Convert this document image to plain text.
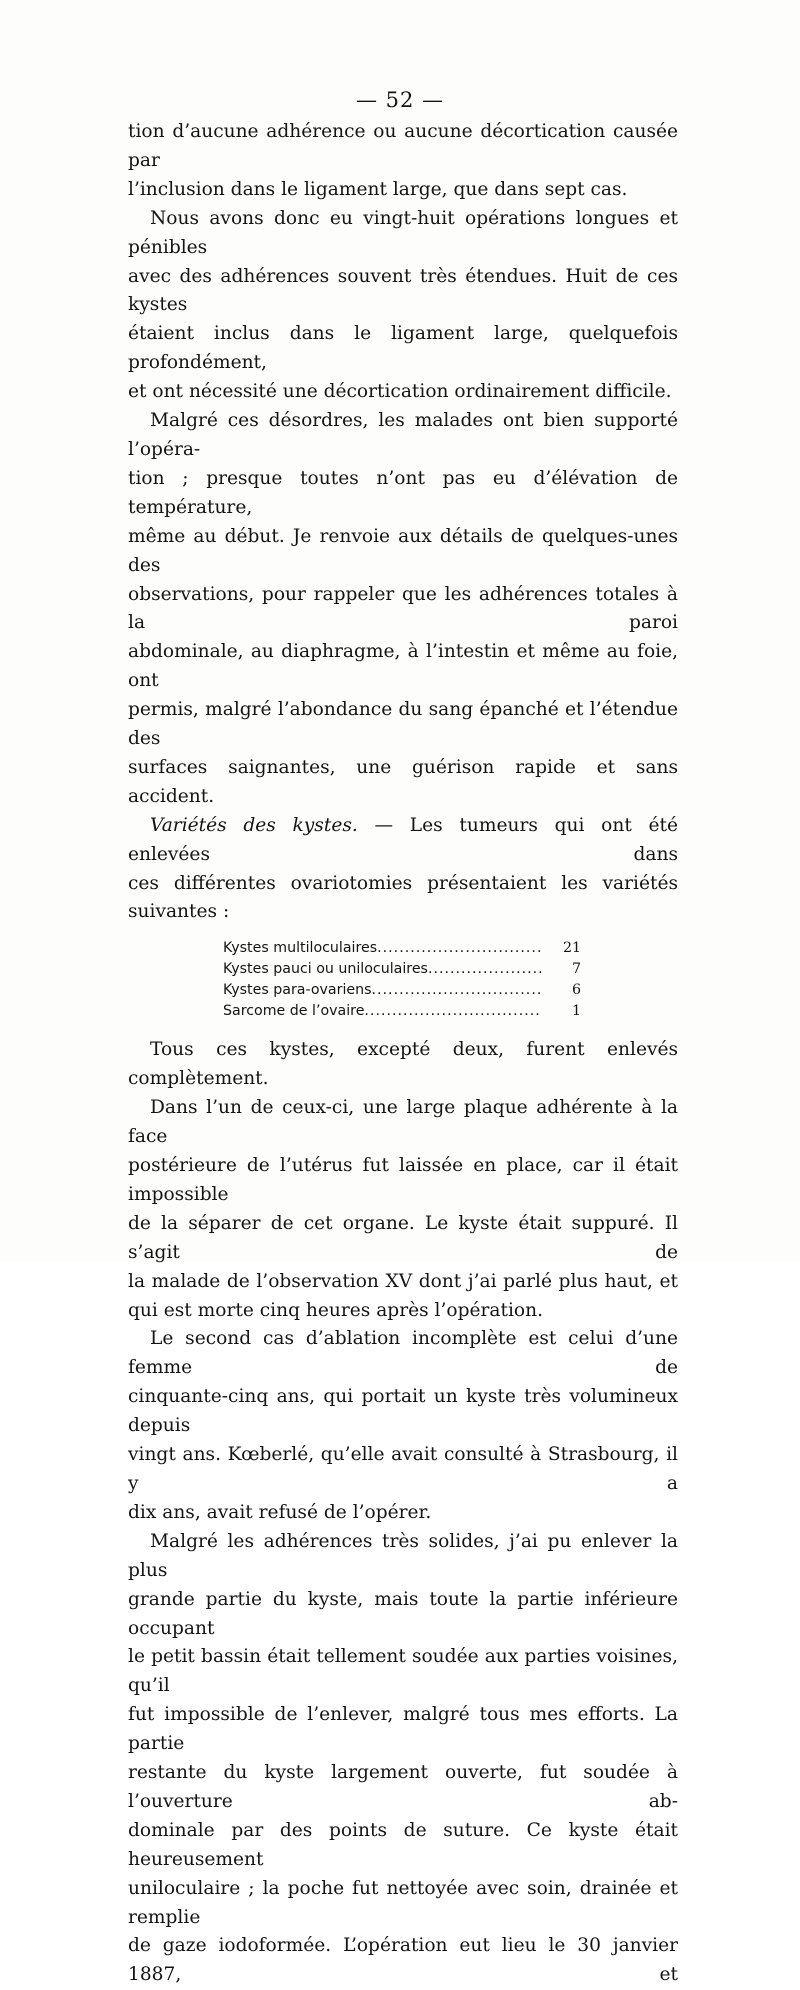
— 52 —
tion d’aucune adhérence ou aucune décortication causée par
l’inclusion dans le ligament large, que dans sept cas.
Nous avons donc eu vingt-huit opérations longues et pénibles
avec des adhérences souvent très étendues. Huit de ces kystes
étaient inclus dans le ligament large, quelquefois profondément,
et ont nécessité une décortication ordinairement difficile.
Malgré ces désordres, les malades ont bien supporté l’opéra-
tion ; presque toutes n’ont pas eu d’élévation de température,
même au début. Je renvoie aux détails de quelques-unes des
observations, pour rappeler que les adhérences totales à la paroi
abdominale, au diaphragme, à l’intestin et même au foie, ont
permis, malgré l’abondance du sang épanché et l’étendue des
surfaces saignantes, une guérison rapide et sans accident.
Variétés des kystes. — Les tumeurs qui ont été enlevées dans
ces différentes ovariotomies présentaient les variétés suivantes :
Kystes multiloculaires .....	21
Kystes pauci ou uniloculaires .....	7
Kystes para-ovariens .....	6
Sarcome de l’ovaire .....	1
Tous ces kystes, excepté deux, furent enlevés complètement.
Dans l’un de ceux-ci, une large plaque adhérente à la face
postérieure de l’utérus fut laissée en place, car il était impossible
de la séparer de cet organe. Le kyste était suppuré. Il s’agit de
la malade de l’observation XV dont j’ai parlé plus haut, et
qui est morte cinq heures après l’opération.
Le second cas d’ablation incomplète est celui d’une femme de
cinquante-cinq ans, qui portait un kyste très volumineux depuis
vingt ans. Kœberlé, qu’elle avait consulté à Strasbourg, il y a
dix ans, avait refusé de l’opérer.
Malgré les adhérences très solides, j’ai pu enlever la plus
grande partie du kyste, mais toute la partie inférieure occupant
le petit bassin était tellement soudée aux parties voisines, qu’il
fut impossible de l’enlever, malgré tous mes efforts. La partie
restante du kyste largement ouverte, fut soudée à l’ouverture ab-
dominale par des points de suture. Ce kyste était heureusement
uniloculaire ; la poche fut nettoyée avec soin, drainée et remplie
de gaze iodoformée. L’opération eut lieu le 30 janvier 1887, et
